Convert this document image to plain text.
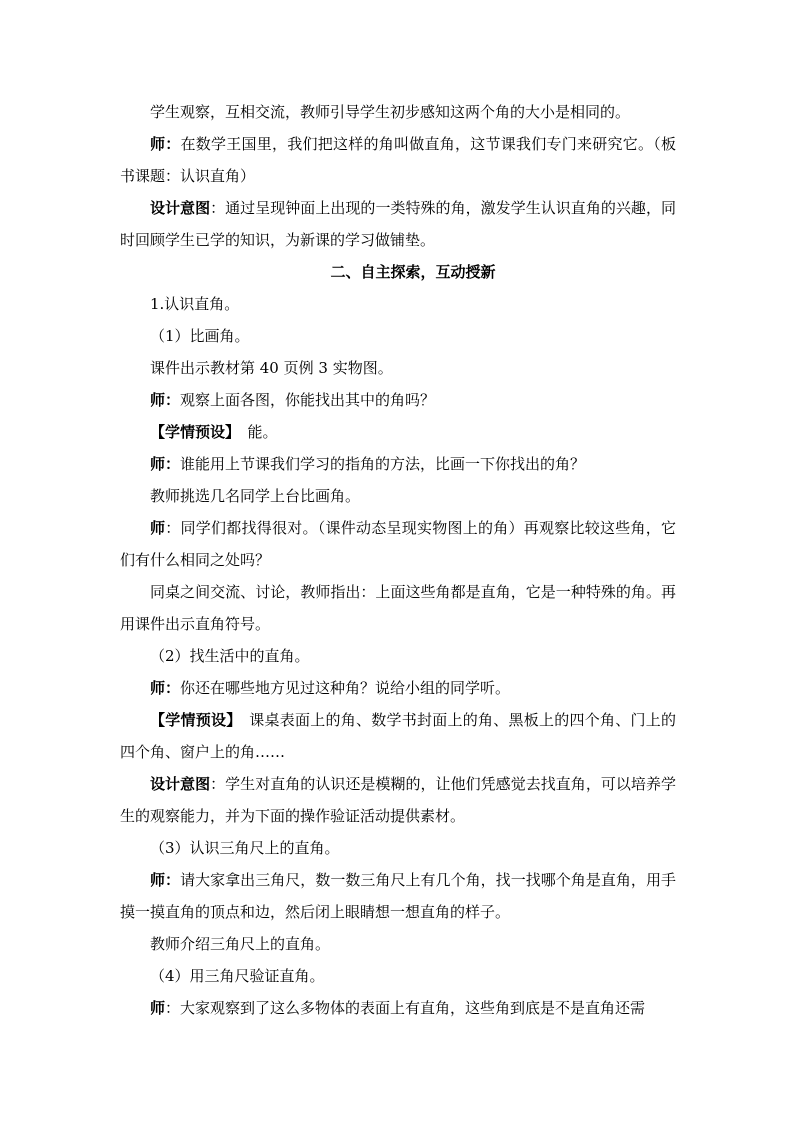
学生观察，互相交流，教师引导学生初步感知这两个角的大小是相同的。

师：在数学王国里，我们把这样的角叫做直角，这节课我们专门来研究它。（板书课题：认识直角）

设计意图：通过呈现钟面上出现的一类特殊的角，激发学生认识直角的兴趣，同时回顾学生已学的知识，为新课的学习做铺垫。

二、自主探索，互动授新

1.认识直角。

（1）比画角。

课件出示教材第 40 页例 3 实物图。

师：观察上面各图，你能找出其中的角吗？

【学情预设】　能。

师：谁能用上节课我们学习的指角的方法，比画一下你找出的角？

教师挑选几名同学上台比画角。

师：同学们都找得很对。（课件动态呈现实物图上的角）再观察比较这些角，它们有什么相同之处吗？

同桌之间交流、讨论，教师指出：上面这些角都是直角，它是一种特殊的角。再用课件出示直角符号。

（2）找生活中的直角。

师：你还在哪些地方见过这种角？说给小组的同学听。

【学情预设】　课桌表面上的角、数学书封面上的角、黑板上的四个角、门上的四个角、窗户上的角……

设计意图：学生对直角的认识还是模糊的，让他们凭感觉去找直角，可以培养学生的观察能力，并为下面的操作验证活动提供素材。

（3）认识三角尺上的直角。

师：请大家拿出三角尺，数一数三角尺上有几个角，找一找哪个角是直角，用手摸一摸直角的顶点和边，然后闭上眼睛想一想直角的样子。

教师介绍三角尺上的直角。

（4）用三角尺验证直角。

师：大家观察到了这么多物体的表面上有直角，这些角到底是不是直角还需
